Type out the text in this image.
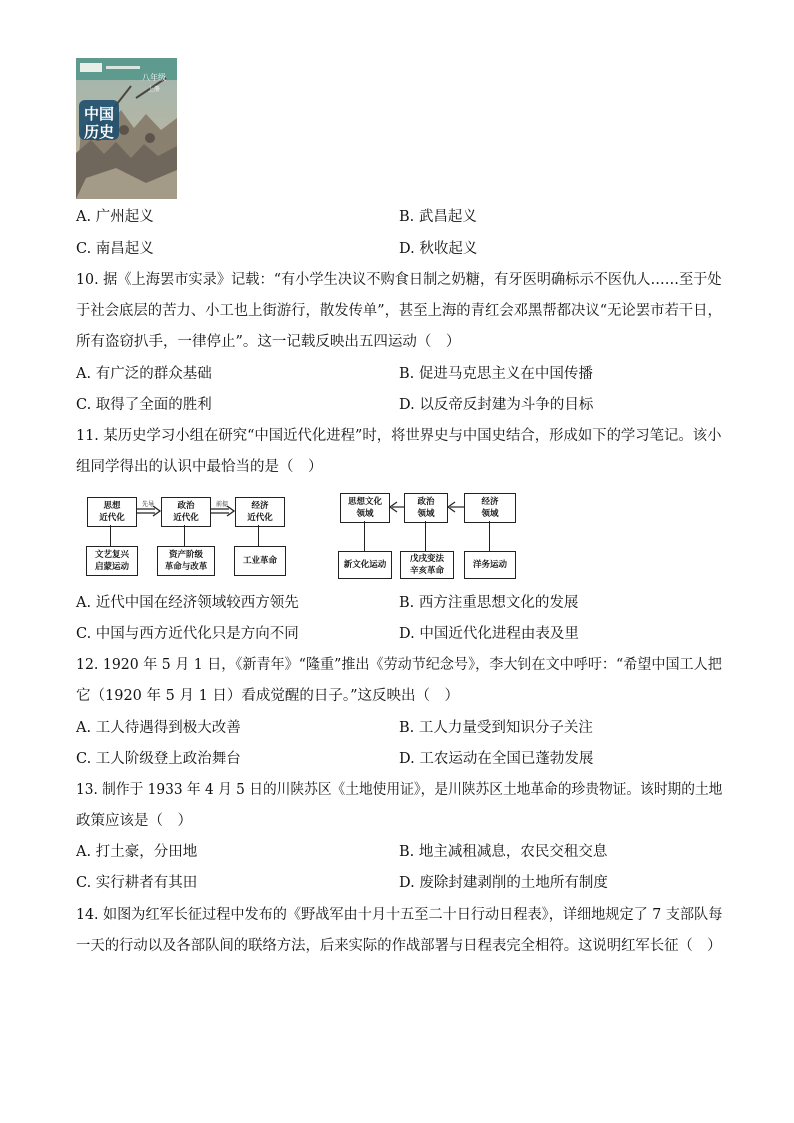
八年级
上册
中国
历史
A. 广州起义	B. 武昌起义
C. 南昌起义	D. 秋收起义
10. 据《上海罢市实录》记载：“有小学生决议不购食日制之奶糖，有牙医明确标示不医仇人……至于处
于社会底层的苦力、小工也上街游行，散发传单”，甚至上海的青红会邓黑帮都决议“无论罢市若干日，
所有盗窃扒手，一律停止”。这一记载反映出五四运动（　）
A. 有广泛的群众基础	B. 促进马克思主义在中国传播
C. 取得了全面的胜利	D. 以反帝反封建为斗争的目标
11. 某历史学习小组在研究“中国近代化进程”时，将世界史与中国史结合，形成如下的学习笔记。该小
组同学得出的认识中最恰当的是（　）
思想
近代化
政治
近代化
经济
近代化
先导	前提
文艺复兴
启蒙运动
资产阶级
革命与改革
工业革命
思想文化
领域
政治
领域
经济
领域
新文化运动
戊戌变法
辛亥革命
洋务运动
A. 近代中国在经济领域较西方领先	B. 西方注重思想文化的发展
C. 中国与西方近代化只是方向不同	D. 中国近代化进程由表及里
12. 1920 年 5 月 1 日，《新青年》“隆重”推出《劳动节纪念号》，李大钊在文中呼吁：“希望中国工人把
它（1920 年 5 月 1 日）看成觉醒的日子。”这反映出（　）
A. 工人待遇得到极大改善	B. 工人力量受到知识分子关注
C. 工人阶级登上政治舞台	D. 工农运动在全国已蓬勃发展
13. 制作于 1933 年 4 月 5 日的川陕苏区《土地使用证》，是川陕苏区土地革命的珍贵物证。该时期的土地
政策应该是（　）
A. 打土豪，分田地	B. 地主减租减息，农民交租交息
C. 实行耕者有其田	D. 废除封建剥削的土地所有制度
14. 如图为红军长征过程中发布的《野战军由十月十五至二十日行动日程表》，详细地规定了 7 支部队每
一天的行动以及各部队间的联络方法，后来实际的作战部署与日程表完全相符。这说明红军长征（　）
